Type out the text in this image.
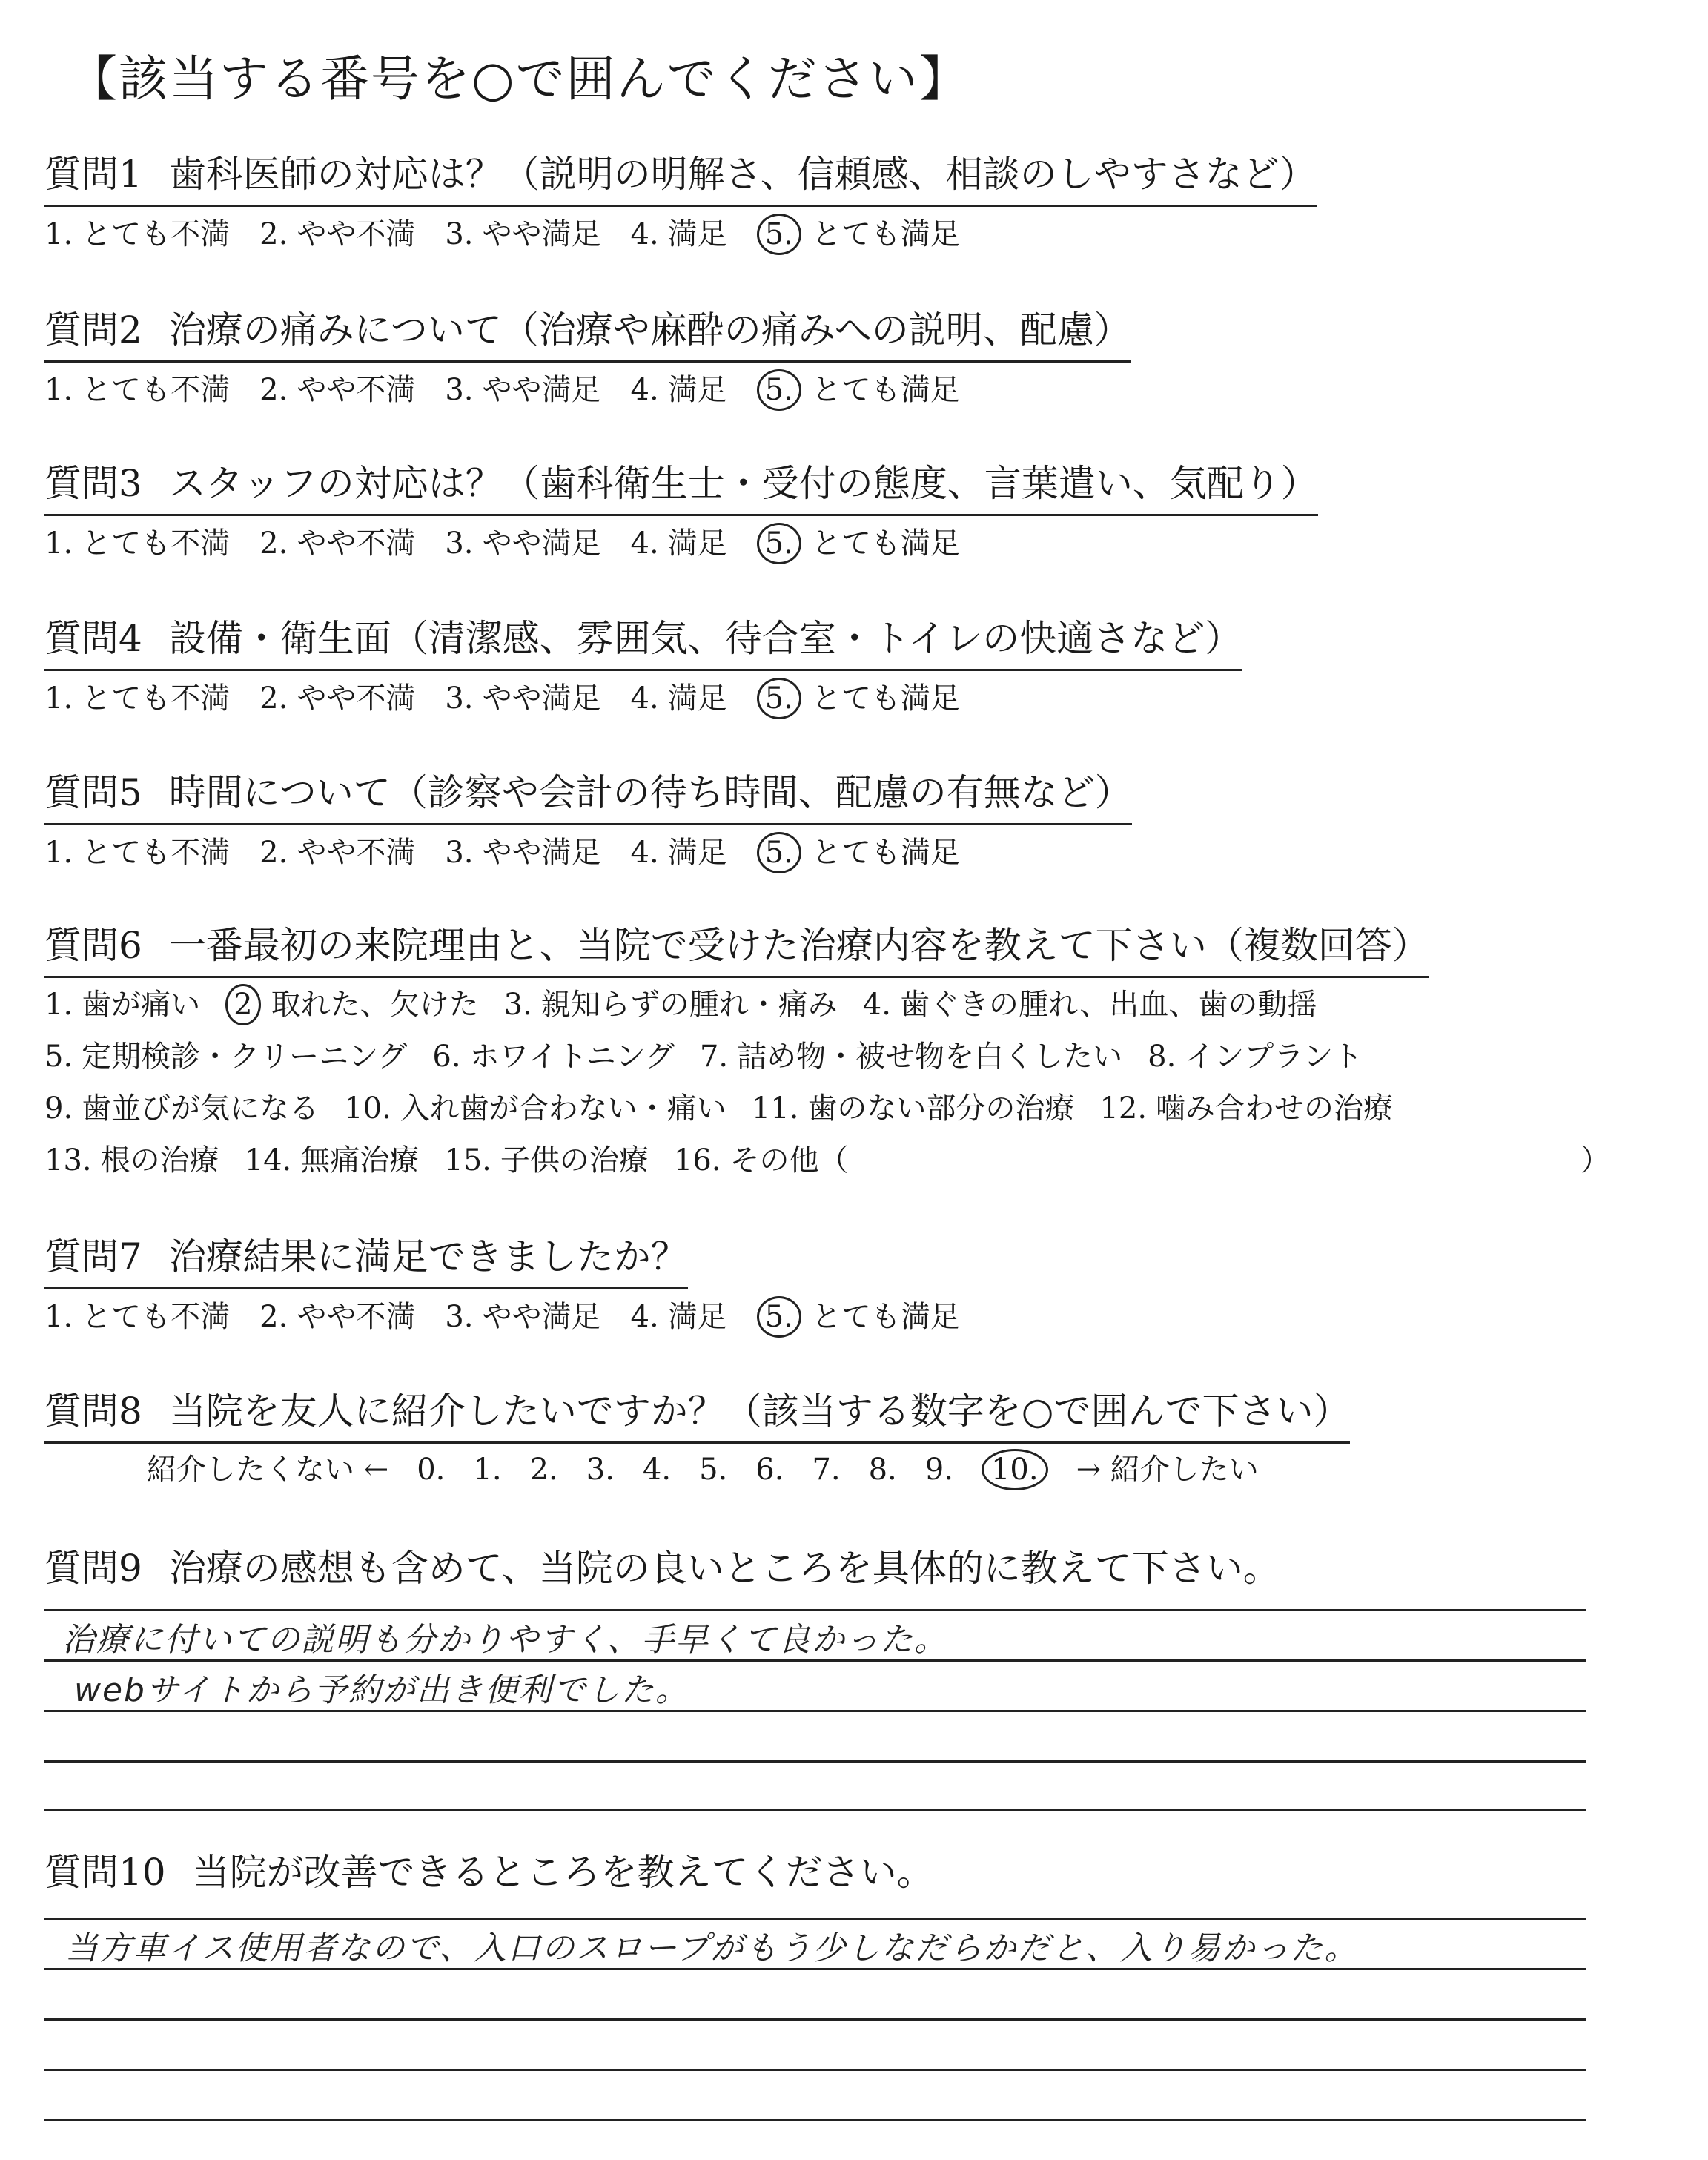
【該当する番号を○で囲んでください】
質問1 歯科医師の対応は？（説明の明解さ、信頼感、相談のしやすさなど）
1. とても不満 2. やや不満 3. やや満足 4. 満足 5. とても満足
質問2 治療の痛みについて（治療や麻酔の痛みへの説明、配慮）
1. とても不満 2. やや不満 3. やや満足 4. 満足 5. とても満足
質問3 スタッフの対応は？（歯科衛生士・受付の態度、言葉遣い、気配り）
1. とても不満 2. やや不満 3. やや満足 4. 満足 5. とても満足
質問4 設備・衛生面（清潔感、雰囲気、待合室・トイレの快適さなど）
1. とても不満 2. やや不満 3. やや満足 4. 満足 5. とても満足
質問5 時間について（診察や会計の待ち時間、配慮の有無など）
1. とても不満 2. やや不満 3. やや満足 4. 満足 5. とても満足
質問6 一番最初の来院理由と、当院で受けた治療内容を教えて下さい（複数回答）
1. 歯が痛い 2 取れた、欠けた 3. 親知らずの腫れ・痛み 4. 歯ぐきの腫れ、出血、歯の動揺
5. 定期検診・クリーニング 6. ホワイトニング 7. 詰め物・被せ物を白くしたい 8. インプラント
9. 歯並びが気になる 10. 入れ歯が合わない・痛い 11. 歯のない部分の治療 12. 噛み合わせの治療
13. 根の治療 14. 無痛治療 15. 子供の治療 16. その他（	）
質問7 治療結果に満足できましたか？
1. とても不満 2. やや不満 3. やや満足 4. 満足 5. とても満足
質問8 当院を友人に紹介したいですか？（該当する数字を○で囲んで下さい）
紹介したくない ← 0. 1. 2. 3. 4. 5. 6. 7. 8. 9. 10. → 紹介したい
質問9 治療の感想も含めて、当院の良いところを具体的に教えて下さい。
治療に付いての説明も分かりやすく、手早くて良かった。
webサイトから予約が出き便利でした。
質問10 当院が改善できるところを教えてください。
当方車イス使用者なので、入口のスロープがもう少しなだらかだと、入り易かった。
